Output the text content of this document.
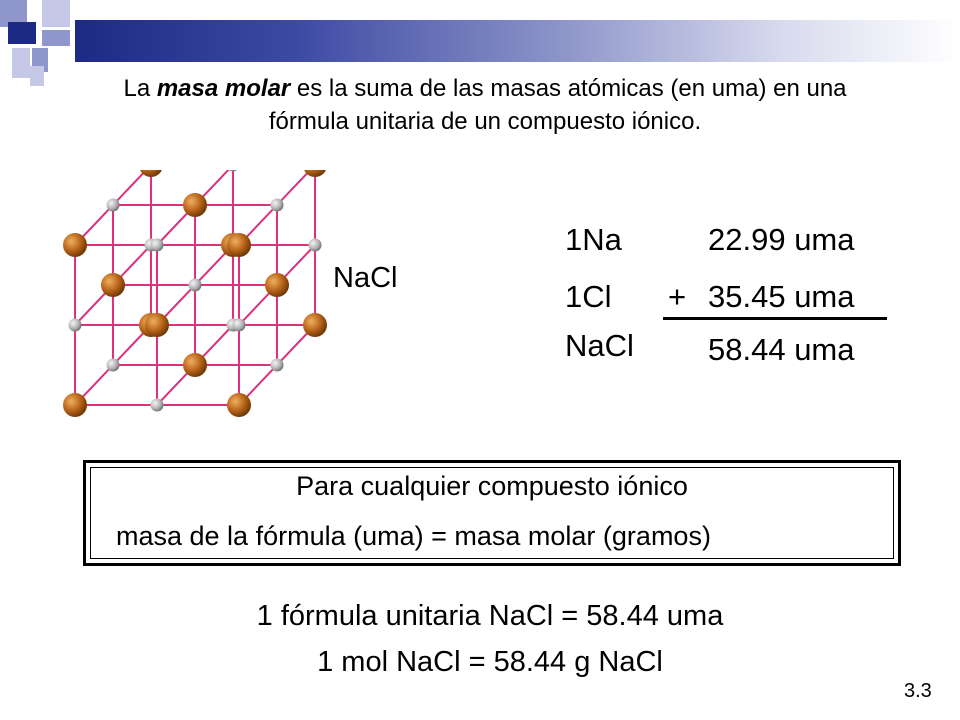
La masa molar es la suma de las masas atómicas (en uma) en una fórmula unitaria de un compuesto iónico.
NaCl
1Na	22.99 uma
1Cl + 35.45 uma
NaCl 58.44 uma
Para cualquier compuesto iónico
masa de la fórmula (uma) = masa molar (gramos)
1 fórmula unitaria NaCl = 58.44 uma
1 mol NaCl = 58.44 g NaCl
3.3
